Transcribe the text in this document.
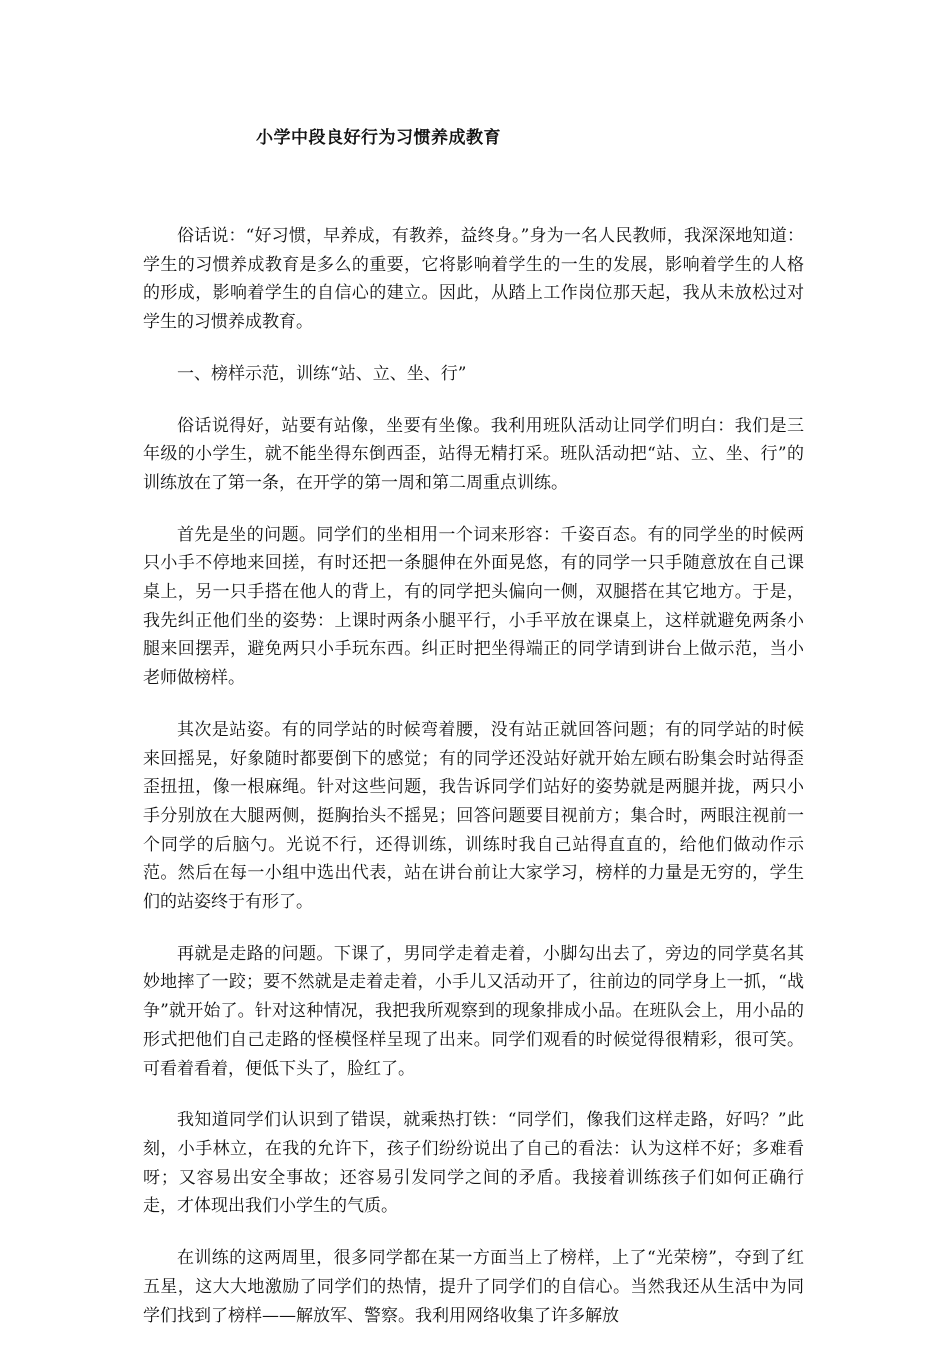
小学中段良好行为习惯养成教育

俗话说：“好习惯，早养成，有教养，益终身。”身为一名人民教师，我深深地知道：学生的习惯养成教育是多么的重要，它将影响着学生的一生的发展，影响着学生的人格的形成，影响着学生的自信心的建立。因此，从踏上工作岗位那天起，我从未放松过对学生的习惯养成教育。

一、榜样示范，训练“站、立、坐、行”

俗话说得好，站要有站像，坐要有坐像。我利用班队活动让同学们明白：我们是三年级的小学生，就不能坐得东倒西歪，站得无精打采。班队活动把“站、立、坐、行”的训练放在了第一条，在开学的第一周和第二周重点训练。

首先是坐的问题。同学们的坐相用一个词来形容：千姿百态。有的同学坐的时候两只小手不停地来回搓，有时还把一条腿伸在外面晃悠，有的同学一只手随意放在自己课桌上，另一只手搭在他人的背上，有的同学把头偏向一侧，双腿搭在其它地方。于是，我先纠正他们坐的姿势：上课时两条小腿平行，小手平放在课桌上，这样就避免两条小腿来回摆弄，避免两只小手玩东西。纠正时把坐得端正的同学请到讲台上做示范，当小老师做榜样。

其次是站姿。有的同学站的时候弯着腰，没有站正就回答问题；有的同学站的时候来回摇晃，好象随时都要倒下的感觉；有的同学还没站好就开始左顾右盼集会时站得歪歪扭扭，像一根麻绳。针对这些问题，我告诉同学们站好的姿势就是两腿并拢，两只小手分别放在大腿两侧，挺胸抬头不摇晃；回答问题要目视前方；集合时，两眼注视前一个同学的后脑勺。光说不行，还得训练，训练时我自己站得直直的，给他们做动作示范。然后在每一小组中选出代表，站在讲台前让大家学习，榜样的力量是无穷的，学生们的站姿终于有形了。

再就是走路的问题。下课了，男同学走着走着，小脚勾出去了，旁边的同学莫名其妙地摔了一跤；要不然就是走着走着，小手儿又活动开了，往前边的同学身上一抓，“战争”就开始了。针对这种情况，我把我所观察到的现象排成小品。在班队会上，用小品的形式把他们自己走路的怪模怪样呈现了出来。同学们观看的时候觉得很精彩，很可笑。可看着看着，便低下头了，脸红了。

我知道同学们认识到了错误，就乘热打铁：“同学们，像我们这样走路，好吗？”此刻，小手林立，在我的允许下，孩子们纷纷说出了自己的看法：认为这样不好；多难看呀；又容易出安全事故；还容易引发同学之间的矛盾。我接着训练孩子们如何正确行走，才体现出我们小学生的气质。

在训练的这两周里，很多同学都在某一方面当上了榜样，上了“光荣榜”，夺到了红五星，这大大地激励了同学们的热情，提升了同学们的自信心。当然我还从生活中为同学们找到了榜样——解放军、警察。我利用网络收集了许多解放
